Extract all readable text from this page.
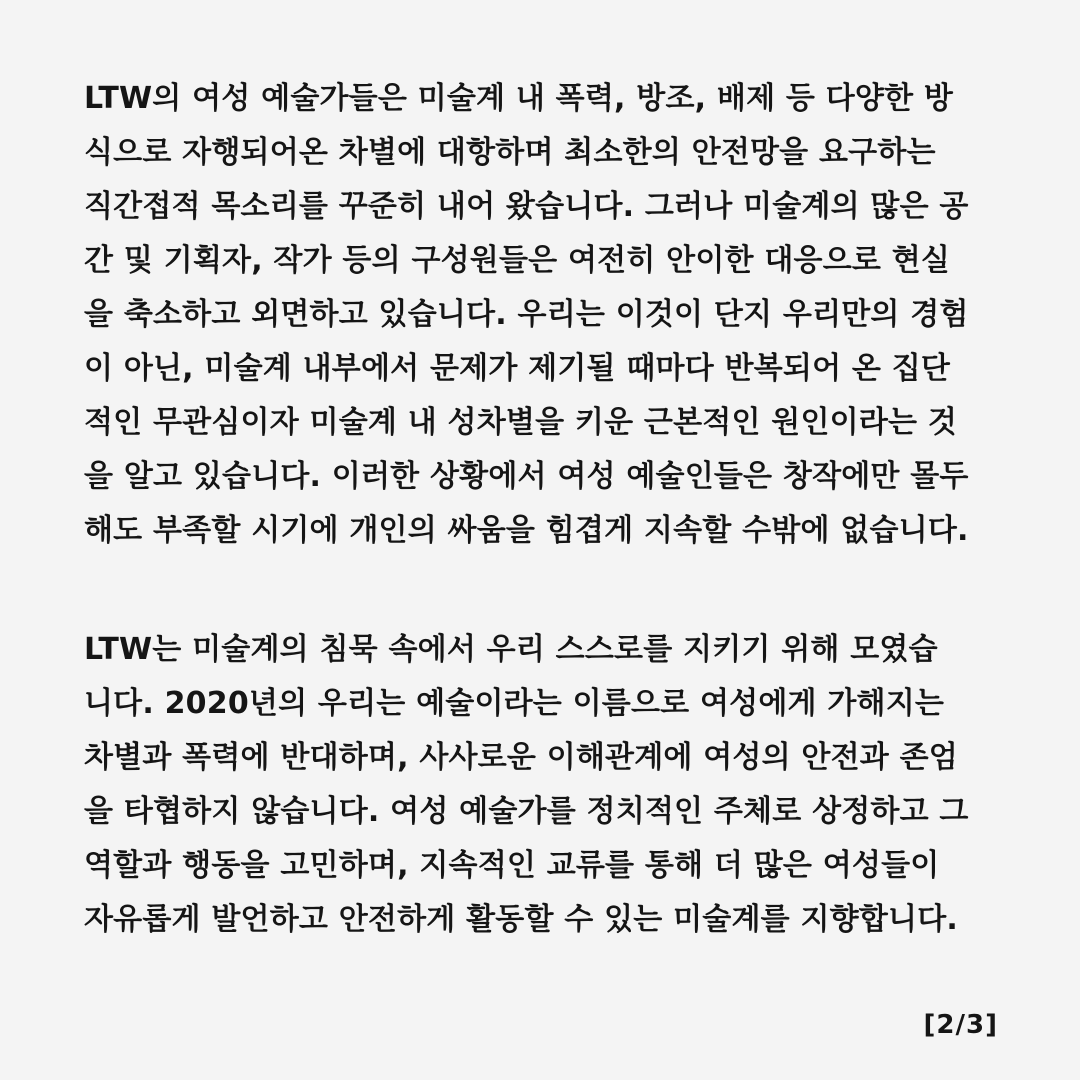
LTW의 여성 예술가들은 미술계 내 폭력, 방조, 배제 등 다양한 방
식으로 자행되어온 차별에 대항하며 최소한의 안전망을 요구하는
직간접적 목소리를 꾸준히 내어 왔습니다. 그러나 미술계의 많은 공
간 및 기획자, 작가 등의 구성원들은 여전히 안이한 대응으로 현실
을 축소하고 외면하고 있습니다. 우리는 이것이 단지 우리만의 경험
이 아닌, 미술계 내부에서 문제가 제기될 때마다 반복되어 온 집단
적인 무관심이자 미술계 내 성차별을 키운 근본적인 원인이라는 것
을 알고 있습니다. 이러한 상황에서 여성 예술인들은 창작에만 몰두
해도 부족할 시기에 개인의 싸움을 힘겹게 지속할 수밖에 없습니다.
LTW는 미술계의 침묵 속에서 우리 스스로를 지키기 위해 모였습
니다. 2020년의 우리는 예술이라는 이름으로 여성에게 가해지는
차별과 폭력에 반대하며, 사사로운 이해관계에 여성의 안전과 존엄
을 타협하지 않습니다. 여성 예술가를 정치적인 주체로 상정하고 그
역할과 행동을 고민하며, 지속적인 교류를 통해 더 많은 여성들이
자유롭게 발언하고 안전하게 활동할 수 있는 미술계를 지향합니다.
[2/3]
